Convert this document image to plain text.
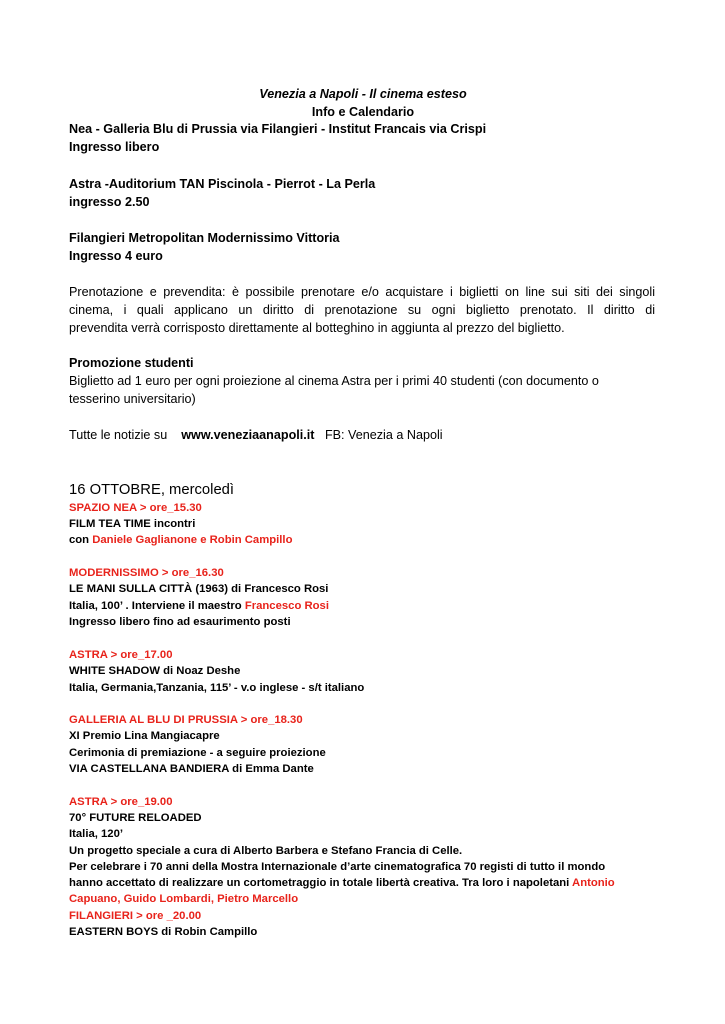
Venezia a Napoli - Il cinema esteso
Info e Calendario
Nea - Galleria Blu di Prussia via Filangieri - Institut Francais via Crispi
Ingresso libero
Astra -Auditorium TAN Piscinola - Pierrot - La Perla
ingresso 2.50
Filangieri Metropolitan Modernissimo Vittoria
Ingresso 4 euro
Prenotazione e prevendita: è possibile prenotare e/o acquistare i biglietti on line sui siti dei singoli
cinema, i quali applicano un diritto di prenotazione su ogni biglietto prenotato. Il diritto di
prevendita verrà corrisposto direttamente al botteghino in aggiunta al prezzo del biglietto.
Promozione studenti
Biglietto ad 1 euro per ogni proiezione al cinema Astra per i primi 40 studenti (con documento o
tesserino universitario)
Tutte le notizie su www.veneziaanapoli.it FB: Venezia a Napoli
16 OTTOBRE, mercoledì
SPAZIO NEA > ore_15.30
FILM TEA TIME incontri
con Daniele Gaglianone e Robin Campillo
MODERNISSIMO > ore_16.30
LE MANI SULLA CITTÀ (1963) di Francesco Rosi
Italia, 100’ . Interviene il maestro Francesco Rosi
Ingresso libero fino ad esaurimento posti
ASTRA > ore_17.00
WHITE SHADOW di Noaz Deshe
Italia, Germania,Tanzania, 115’ - v.o inglese - s/t italiano
GALLERIA AL BLU DI PRUSSIA > ore_18.30
XI Premio Lina Mangiacapre
Cerimonia di premiazione - a seguire proiezione
VIA CASTELLANA BANDIERA di Emma Dante
ASTRA > ore_19.00
70° FUTURE RELOADED
Italia, 120’
Un progetto speciale a cura di Alberto Barbera e Stefano Francia di Celle.
Per celebrare i 70 anni della Mostra Internazionale d’arte cinematografica 70 registi di tutto il mondo
hanno accettato di realizzare un cortometraggio in totale libertà creativa. Tra loro i napoletani Antonio
Capuano, Guido Lombardi, Pietro Marcello
FILANGIERI > ore _20.00
EASTERN BOYS di Robin Campillo
